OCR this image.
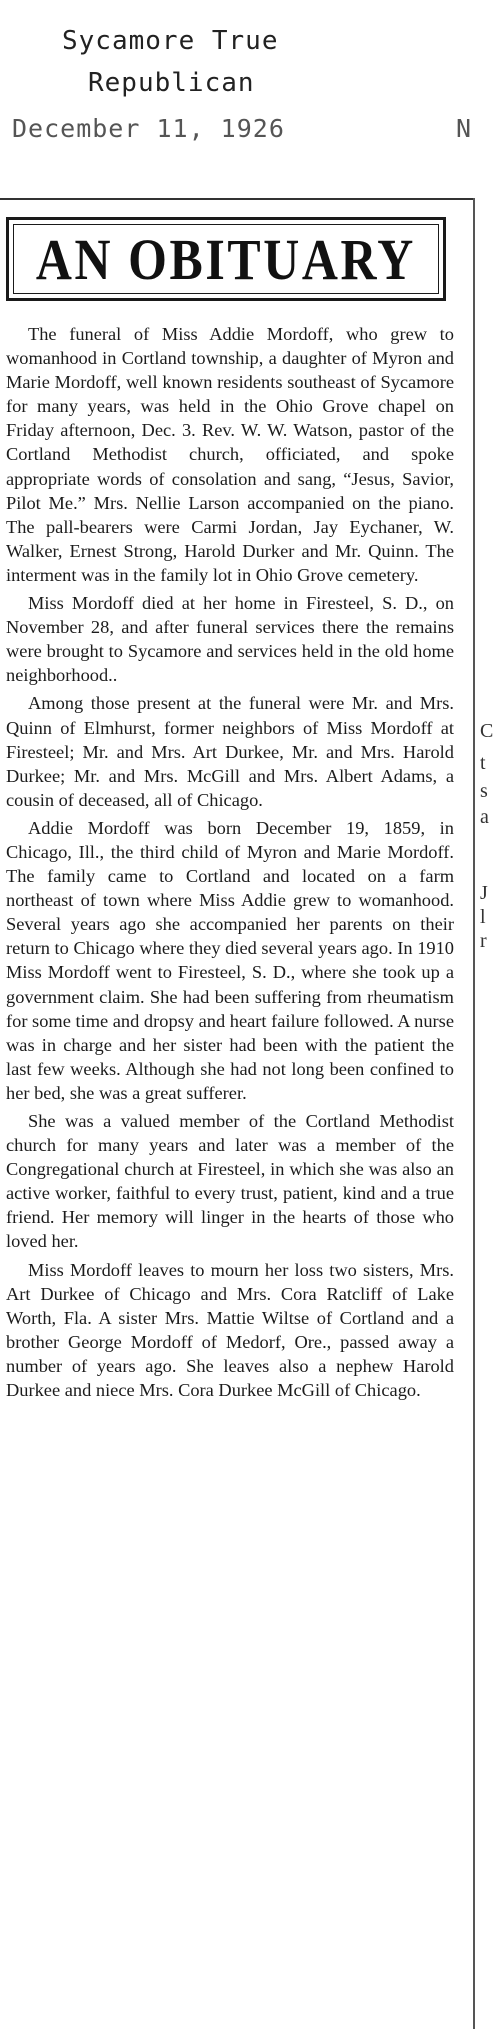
Sycamore True
Republican
December 11, 1926	N
C
t
s
a
J
l
r
AN OBITUARY

The funeral of Miss Addie Mordoff, who grew to womanhood in Cortland township, a daughter of Myron and Marie Mordoff, well known residents southeast of Sycamore for many years, was held in the Ohio Grove chapel on Friday afternoon, Dec. 3. Rev. W. W. Watson, pastor of the Cortland Methodist church, officiated, and spoke appropriate words of consolation and sang, “Jesus, Savior, Pilot Me.” Mrs. Nellie Larson accompanied on the piano. The pall-bearers were Carmi Jordan, Jay Eychaner, W. Walker, Ernest Strong, Harold Durker and Mr. Quinn. The interment was in the family lot in Ohio Grove cemetery.

Miss Mordoff died at her home in Firesteel, S. D., on November 28, and after funeral services there the remains were brought to Sycamore and services held in the old home neighborhood..

Among those present at the funeral were Mr. and Mrs. Quinn of Elmhurst, former neighbors of Miss Mordoff at Firesteel; Mr. and Mrs. Art Durkee, Mr. and Mrs. Harold Durkee; Mr. and Mrs. McGill and Mrs. Albert Adams, a cousin of deceased, all of Chicago.

Addie Mordoff was born December 19, 1859, in Chicago, Ill., the third child of Myron and Marie Mordoff. The family came to Cortland and located on a farm northeast of town where Miss Addie grew to womanhood. Several years ago she accompanied her parents on their return to Chicago where they died several years ago. In 1910 Miss Mordoff went to Firesteel, S. D., where she took up a government claim. She had been suffering from rheumatism for some time and dropsy and heart failure followed. A nurse was in charge and her sister had been with the patient the last few weeks. Although she had not long been confined to her bed, she was a great sufferer.

She was a valued member of the Cortland Methodist church for many years and later was a member of the Congregational church at Firesteel, in which she was also an active worker, faithful to every trust, patient, kind and a true friend. Her memory will linger in the hearts of those who loved her.

Miss Mordoff leaves to mourn her loss two sisters, Mrs. Art Durkee of Chicago and Mrs. Cora Ratcliff of Lake Worth, Fla. A sister Mrs. Mattie Wiltse of Cortland and a brother George Mordoff of Medorf, Ore., passed away a number of years ago. She leaves also a nephew Harold Durkee and niece Mrs. Cora Durkee McGill of Chicago.
